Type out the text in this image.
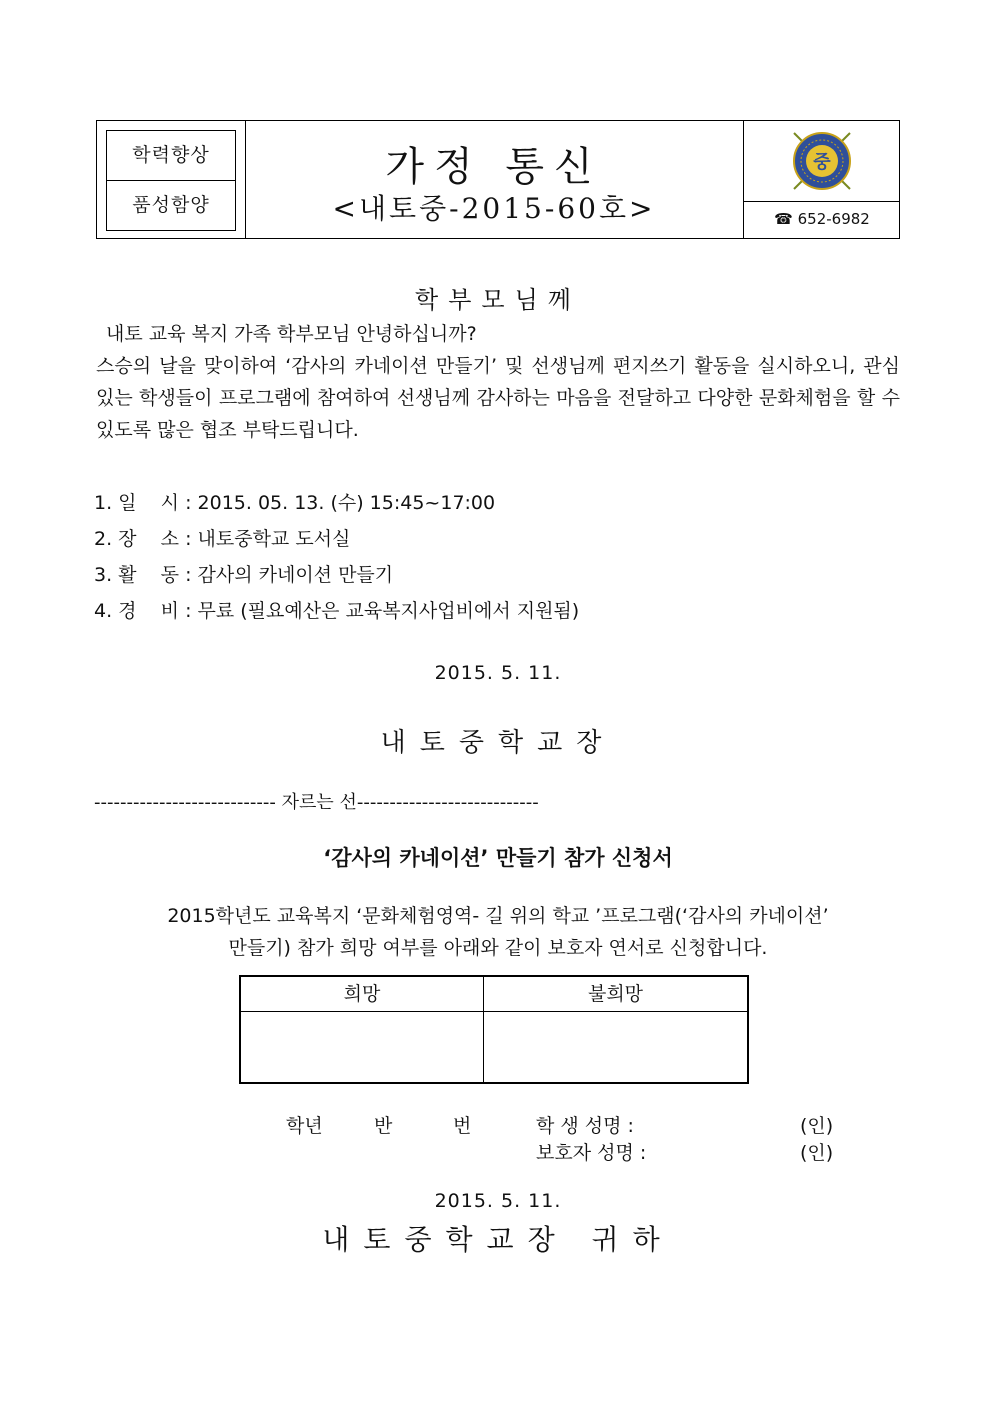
학력향상
품성함양
가정 통신
<내토중-2015-60호>
중
☎ 652-6982
학부모님께
내토 교육 복지 가족 학부모님 안녕하십니까?
스승의 날을 맞이하여 ‘감사의 카네이션 만들기’ 및 선생님께 편지쓰기 활동을 실시하오니, 관심 있는 학생들이 프로그램에 참여하여 선생님께 감사하는 마음을 전달하고 다양한 문화체험을 할 수 있도록 많은 협조 부탁드립니다.
1. 일    시 : 2015. 05. 13. (수) 15:45~17:00
2. 장    소 : 내토중학교 도서실
3. 활    동 : 감사의 카네이션 만들기
4. 경    비 : 무료 (필요예산은 교육복지사업비에서 지원됨)
2015. 5. 11.
내토중학교장
---------------------------- 자르는 선----------------------------
‘감사의 카네이션’ 만들기 참가 신청서
2015학년도 교육복지 ‘문화체험영역- 길 위의 학교 ’프로그램(‘감사의 카네이션’
만들기) 참가 희망 여부를 아래와 같이 보호자 연서로 신청합니다.
희망	불희망
학년	반	번	학 생 성명 :	(인)
보호자 성명 :	(인)
2015. 5. 11.
내토중학교장 귀하
